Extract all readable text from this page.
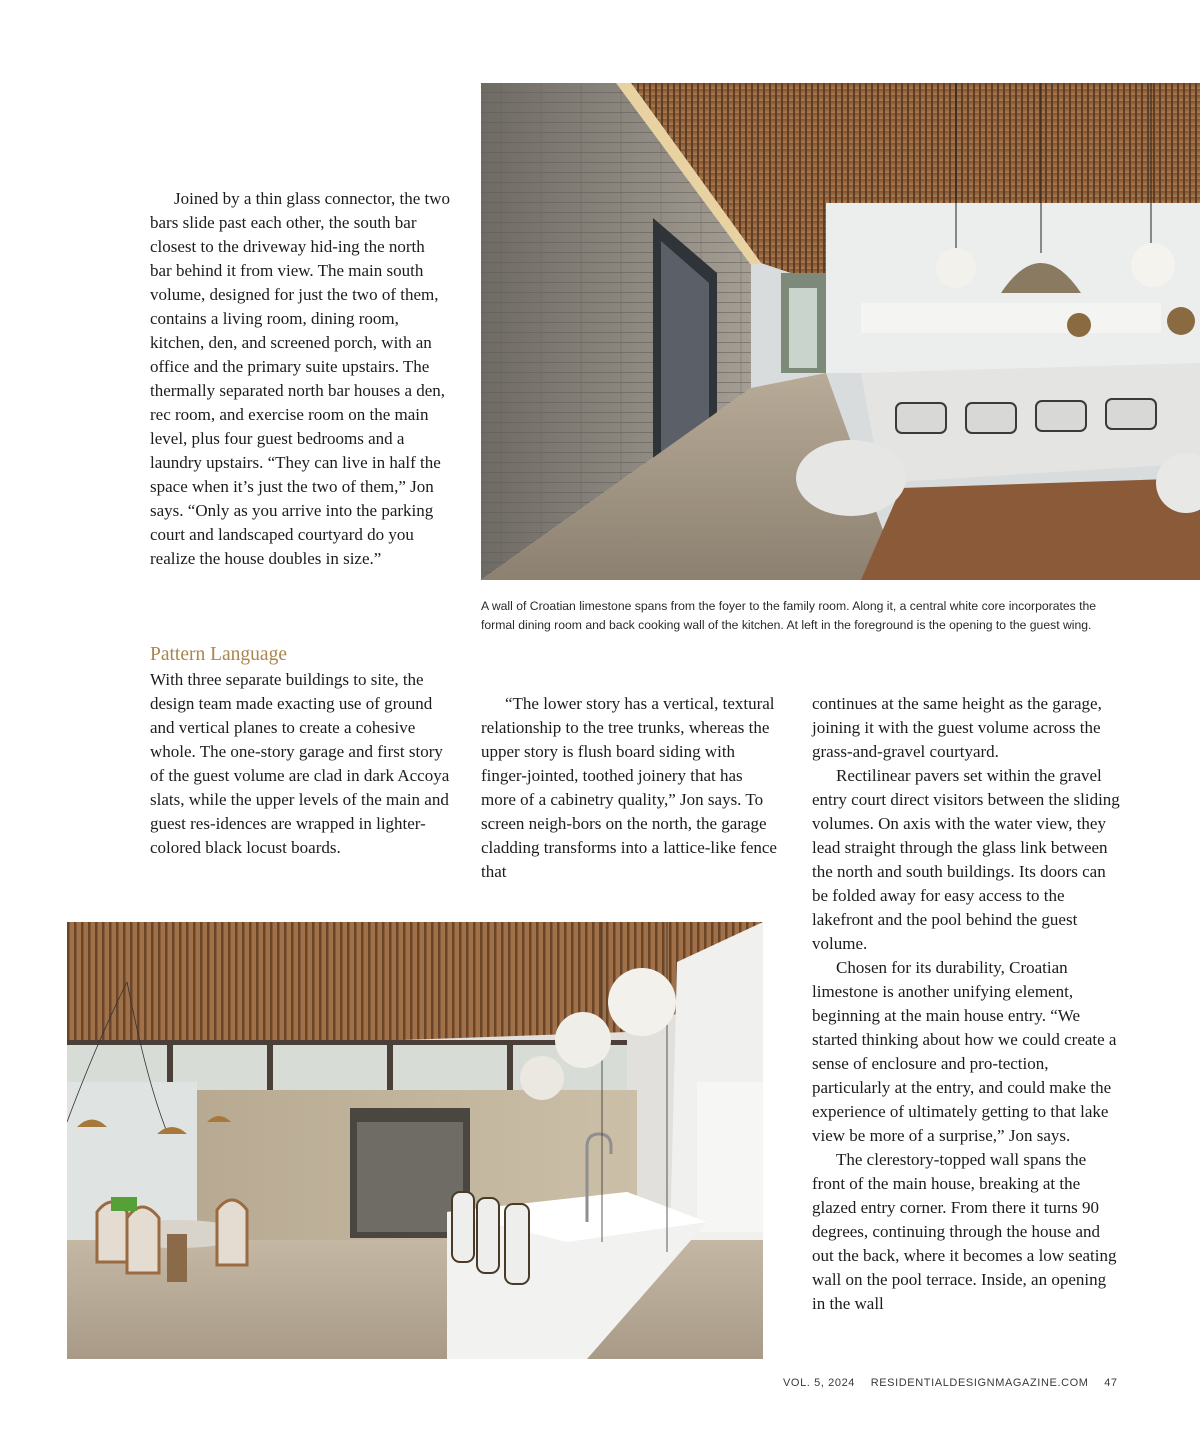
Joined by a thin glass connector, the two bars slide past each other, the south bar closest to the driveway hid-ing the north bar behind it from view. The main south volume, designed for just the two of them, contains a living room, dining room, kitchen, den, and screened porch, with an office and the primary suite upstairs. The thermally separated north bar houses a den, rec room, and exercise room on the main level, plus four guest bedrooms and a laundry upstairs. “They can live in half the space when it’s just the two of them,” Jon says. “Only as you arrive into the parking court and landscaped courtyard do you realize the house doubles in size.”

Pattern Language

With three separate buildings to site, the design team made exacting use of ground and vertical planes to create a cohesive whole. The one-story garage and first story of the guest volume are clad in dark Accoya slats, while the upper levels of the main and guest res-idences are wrapped in lighter-colored black locust boards.

A wall of Croatian limestone spans from the foyer to the family room. Along it, a central white core incorporates the formal dining room and back cooking wall of the kitchen. At left in the foreground is the opening to the guest wing.

“The lower story has a vertical, textural relationship to the tree trunks, whereas the upper story is flush board siding with finger-jointed, toothed joinery that has more of a cabinetry quality,” Jon says. To screen neigh-bors on the north, the garage cladding transforms into a lattice-like fence that

continues at the same height as the garage, joining it with the guest volume across the grass-and-gravel courtyard.

Rectilinear pavers set within the gravel entry court direct visitors between the sliding volumes. On axis with the water view, they lead straight through the glass link between the north and south buildings. Its doors can be folded away for easy access to the lakefront and the pool behind the guest volume.

Chosen for its durability, Croatian limestone is another unifying element, beginning at the main house entry. “We started thinking about how we could create a sense of enclosure and pro-tection, particularly at the entry, and could make the experience of ultimately getting to that lake view be more of a surprise,” Jon says.

The clerestory-topped wall spans the front of the main house, breaking at the glazed entry corner. From there it turns 90 degrees, continuing through the house and out the back, where it becomes a low seating wall on the pool terrace. Inside, an opening in the wall

VOL. 5, 2024 RESIDENTIALDESIGNMAGAZINE.COM 47
